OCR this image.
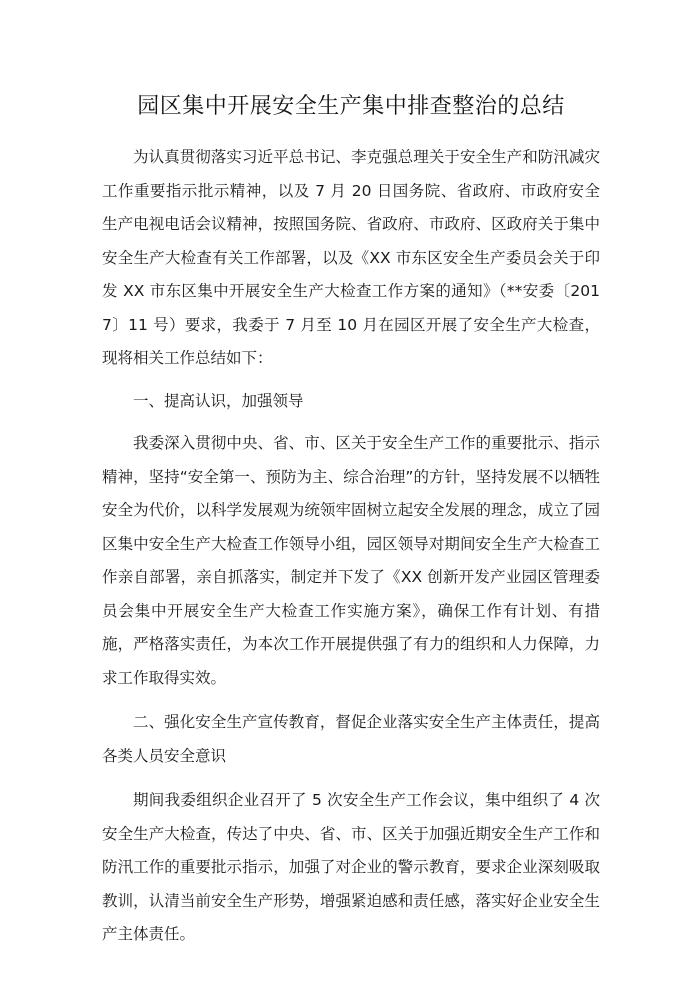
园区集中开展安全生产集中排查整治的总结

为认真贯彻落实习近平总书记、李克强总理关于安全生产和防汛减灾工作重要指示批示精神，以及 7 月 20 日国务院、省政府、市政府安全生产电视电话会议精神，按照国务院、省政府、市政府、区政府关于集中安全生产大检查有关工作部署，以及《XX 市东区安全生产委员会关于印发 XX 市东区集中开展安全生产大检查工作方案的通知》（**安委〔2017〕11 号）要求，我委于 7 月至 10 月在园区开展了安全生产大检查，现将相关工作总结如下：

一、提高认识，加强领导

我委深入贯彻中央、省、市、区关于安全生产工作的重要批示、指示精神，坚持“安全第一、预防为主、综合治理”的方针，坚持发展不以牺牲安全为代价，以科学发展观为统领牢固树立起安全发展的理念，成立了园区集中安全生产大检查工作领导小组，园区领导对期间安全生产大检查工作亲自部署，亲自抓落实，制定并下发了《XX 创新开发产业园区管理委员会集中开展安全生产大检查工作实施方案》，确保工作有计划、有措施，严格落实责任，为本次工作开展提供强了有力的组织和人力保障，力求工作取得实效。

二、强化安全生产宣传教育，督促企业落实安全生产主体责任，提高各类人员安全意识

期间我委组织企业召开了 5 次安全生产工作会议，集中组织了 4 次安全生产大检查，传达了中央、省、市、区关于加强近期安全生产工作和防汛工作的重要批示指示，加强了对企业的警示教育，要求企业深刻吸取教训，认清当前安全生产形势，增强紧迫感和责任感，落实好企业安全生产主体责任。
